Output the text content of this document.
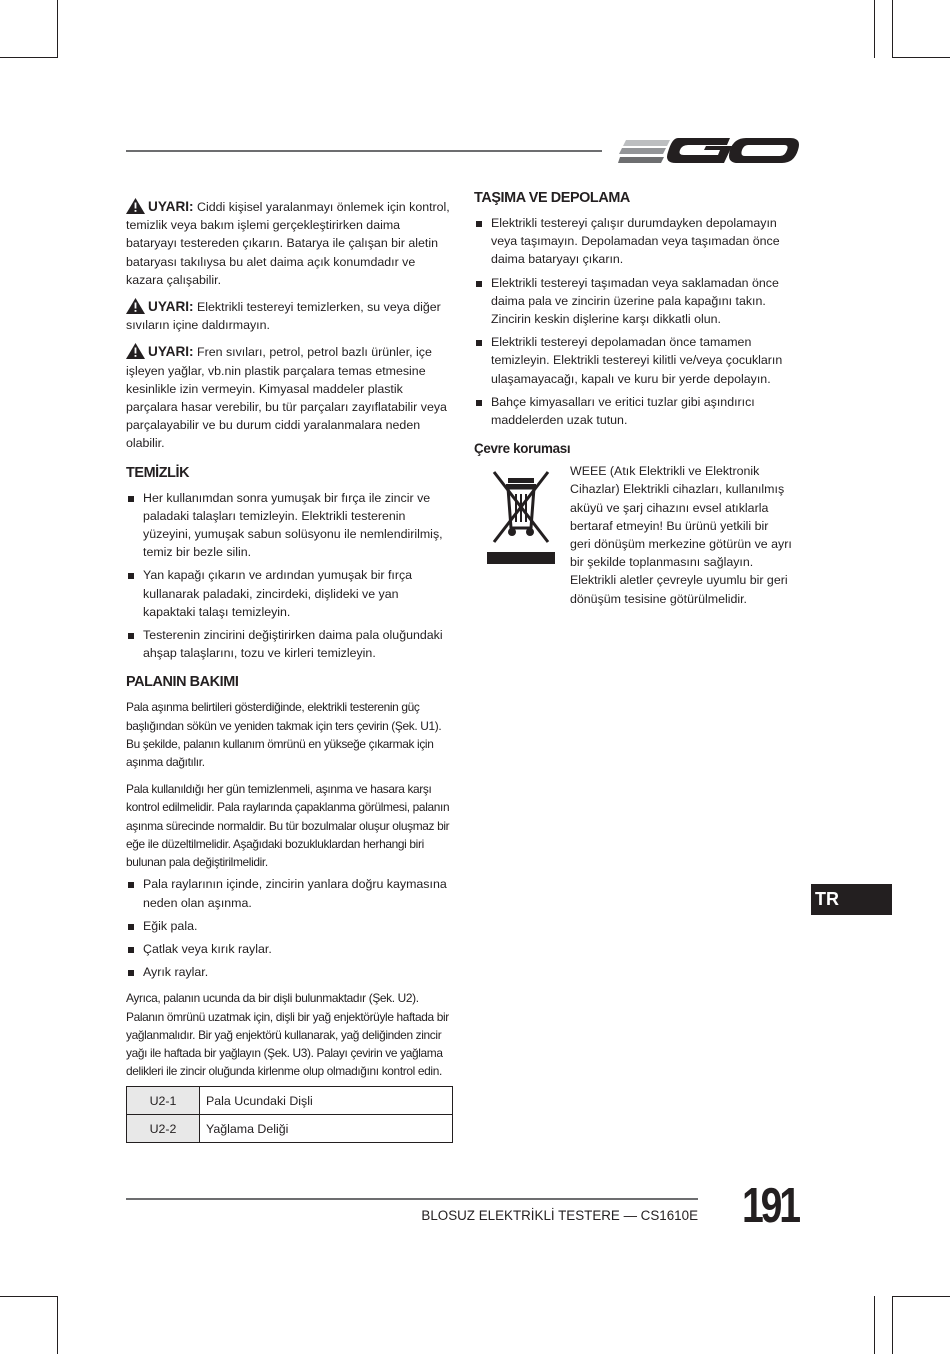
UYARI: Ciddi kişisel yaralanmayı önlemek için kontrol, temizlik veya bakım işlemi gerçekleştirirken daima bataryayı testereden çıkarın. Batarya ile çalışan bir aletin bataryası takılıysa bu alet daima açık konumdadır ve kazara çalışabilir.

UYARI: Elektrikli testereyi temizlerken, su veya diğer sıvıların içine daldırmayın.

UYARI: Fren sıvıları, petrol, petrol bazlı ürünler, içe işleyen yağlar, vb.nin plastik parçalara temas etmesine kesinlikle izin vermeyin. Kimyasal maddeler plastik parçalara hasar verebilir, bu tür parçaları zayıflatabilir veya parçalayabilir ve bu durum ciddi yaralanmalara neden olabilir.

TEMİZLİK
Her kullanımdan sonra yumuşak bir fırça ile zincir ve paladaki talaşları temizleyin. Elektrikli testerenin yüzeyini, yumuşak sabun solüsyonu ile nemlendirilmiş, temiz bir bezle silin.
Yan kapağı çıkarın ve ardından yumuşak bir fırça kullanarak paladaki, zincirdeki, dişlideki ve yan kapaktaki talaşı temizleyin.
Testerenin zincirini değiştirirken daima pala oluğundaki ahşap talaşlarını, tozu ve kirleri temizleyin.
PALANIN BAKIMI

Pala aşınma belirtileri gösterdiğinde, elektrikli testerenin güç başlığından sökün ve yeniden takmak için ters çevirin (Şek. U1). Bu şekilde, palanın kullanım ömrünü en yükseğe çıkarmak için aşınma dağıtılır.

Pala kullanıldığı her gün temizlenmeli, aşınma ve hasara karşı kontrol edilmelidir. Pala raylarında çapaklanma görülmesi, palanın aşınma sürecinde normaldir. Bu tür bozulmalar oluşur oluşmaz bir eğe ile düzeltilmelidir. Aşağıdaki bozukluklardan herhangi biri bulunan pala değiştirilmelidir.

Pala raylarının içinde, zincirin yanlara doğru kaymasına neden olan aşınma.
Eğik pala.
Çatlak veya kırık raylar.
Ayrık raylar.

Ayrıca, palanın ucunda da bir dişli bulunmaktadır (Şek. U2). Palanın ömrünü uzatmak için, dişli bir yağ enjektörüyle haftada bir yağlanmalıdır. Bir yağ enjektörü kullanarak, yağ deliğinden zincir yağı ile haftada bir yağlayın (Şek. U3). Palayı çevirin ve yağlama delikleri ile zincir oluğunda kirlenme olup olmadığını kontrol edin.

U2-1	Pala Ucundaki Dişli
U2-2	Yağlama Deliği
TAŞIMA VE DEPOLAMA
Elektrikli testereyi çalışır durumdayken depolamayın veya taşımayın. Depolamadan veya taşımadan önce daima bataryayı çıkarın.
Elektrikli testereyi taşımadan veya saklamadan önce daima pala ve zincirin üzerine pala kapağını takın. Zincirin keskin dişlerine karşı dikkatli olun.
Elektrikli testereyi depolamadan önce tamamen temizleyin. Elektrikli testereyi kilitli ve/veya çocukların ulaşamayacağı, kapalı ve kuru bir yerde depolayın.
Bahçe kimyasalları ve eritici tuzlar gibi aşındırıcı maddelerden uzak tutun.
Çevre koruması

WEEE (Atık Elektrikli ve Elektronik Cihazlar) Elektrikli cihazları, kullanılmış aküyü ve şarj cihazını evsel atıklarla bertaraf etmeyin! Bu ürünü yetkili bir geri dönüşüm merkezine götürün ve ayrı bir şekilde toplanmasını sağlayın. Elektrikli aletler çevreyle uyumlu bir geri dönüşüm tesisine götürülmelidir.

TR
BLOSUZ ELEKTRİKLİ TESTERE — CS1610E 191
